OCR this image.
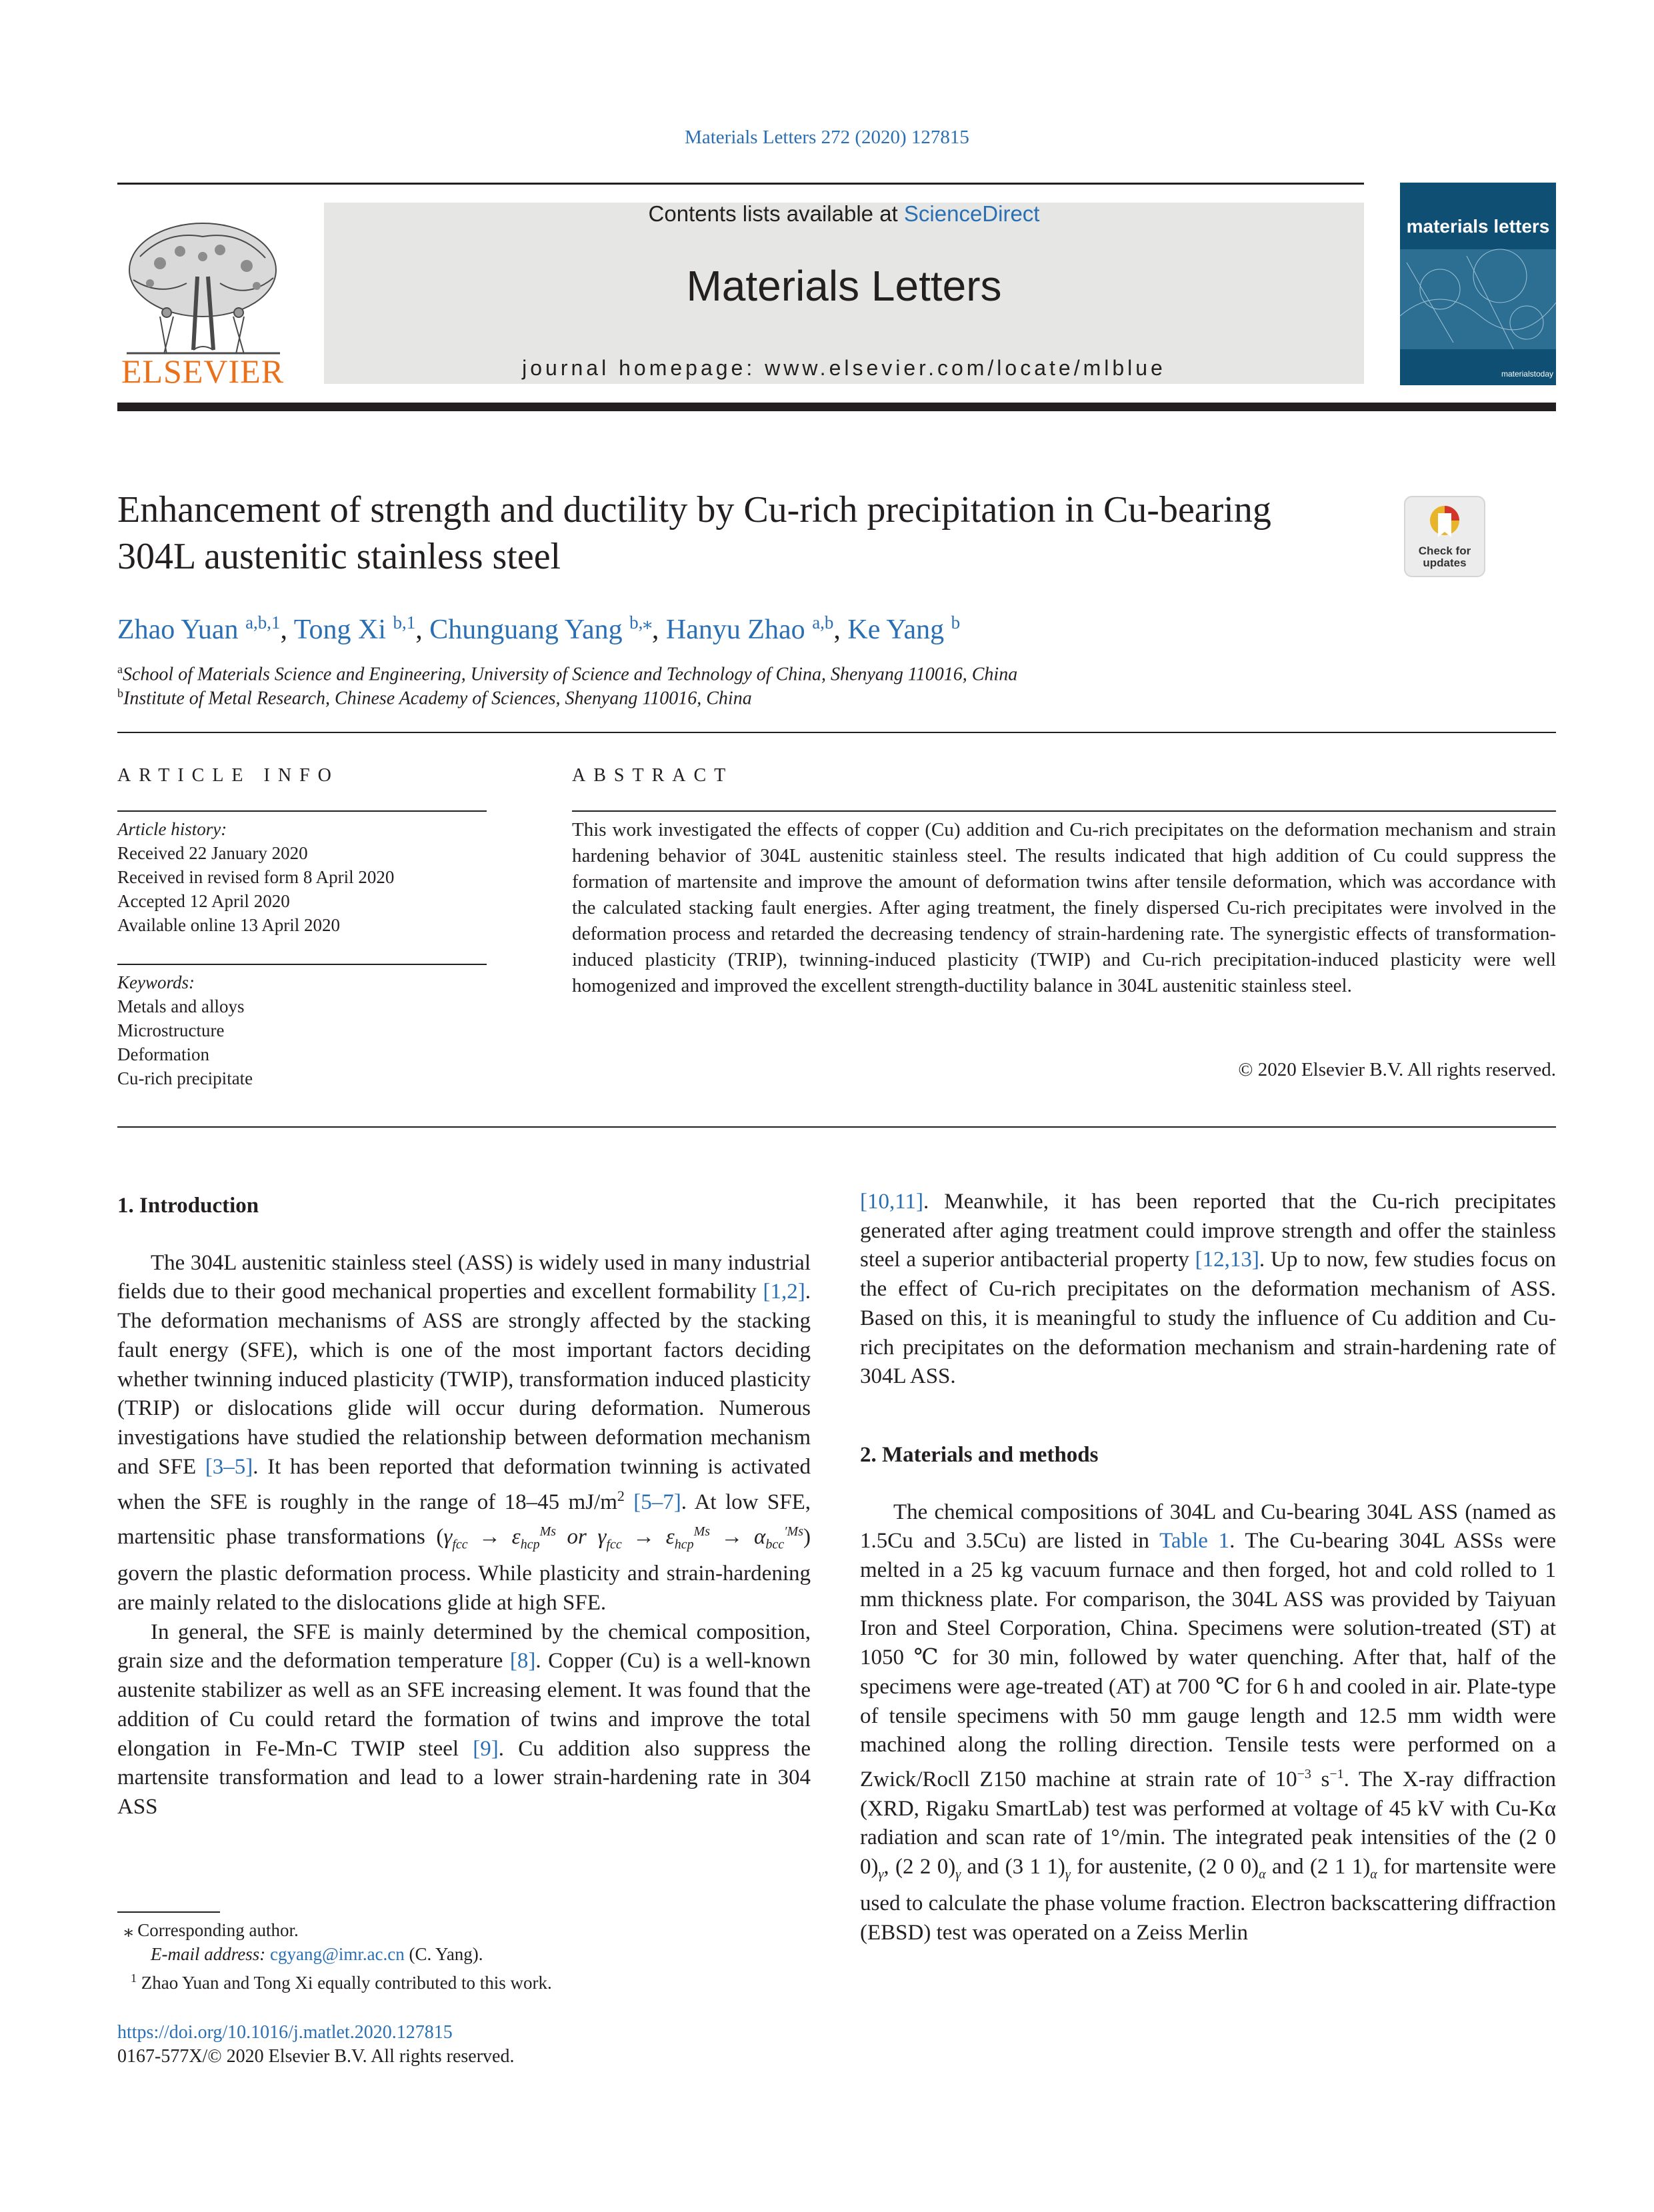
Materials Letters 272 (2020) 127815
ELSEVIER
Contents lists available at ScienceDirect
Materials Letters
journal homepage: www.elsevier.com/locate/mlblue
materials letters
materialstoday
Enhancement of strength and ductility by Cu-rich precipitation in Cu-bearing 304L austenitic stainless steel	Check for updates
Zhao Yuan $^{a,b,1}$, Tong Xi $^{b,1}$, Chunguang Yang $^{b,⁎}$, Hanyu Zhao $^{a,b}$, Ke Yang $^b$
$^a$School of Materials Science and Engineering, University of Science and Technology of China, Shenyang 110016, China
$^b$Institute of Metal Research, Chinese Academy of Sciences, Shenyang 110016, China
ARTICLE INFO
Article history:
Received 22 January 2020
Received in revised form 8 April 2020
Accepted 12 April 2020
Available online 13 April 2020
Keywords:
Metals and alloys
Microstructure
Deformation
Cu-rich precipitate
ABSTRACT
This work investigated the effects of copper (Cu) addition and Cu-rich precipitates on the deformation mechanism and strain hardening behavior of 304L austenitic stainless steel. The results indicated that high addition of Cu could suppress the formation of martensite and improve the amount of deformation twins after tensile deformation, which was accordance with the calculated stacking fault energies. After aging treatment, the finely dispersed Cu-rich precipitates were involved in the deformation process and retarded the decreasing tendency of strain-hardening rate. The synergistic effects of transformation-induced plasticity (TRIP), twinning-induced plasticity (TWIP) and Cu-rich precipitation-induced plasticity were well homogenized and improved the excellent strength-ductility balance in 304L austenitic stainless steel.
© 2020 Elsevier B.V. All rights reserved.

1. Introduction

The 304L austenitic stainless steel (ASS) is widely used in many industrial fields due to their good mechanical properties and excellent formability [1,2]. The deformation mechanisms of ASS are strongly affected by the stacking fault energy (SFE), which is one of the most important factors deciding whether twinning induced plasticity (TWIP), transformation induced plasticity (TRIP) or dislocations glide will occur during deformation. Numerous investigations have studied the relationship between deformation mechanism and SFE [3–5]. It has been reported that deformation twinning is activated when the SFE is roughly in the range of 18–45 $mJ/m^2$ [5–7]. At low SFE, martensitic phase transformations ($\gamma_{fcc} \to \varepsilon_{hcp}^{Ms}$ or $\gamma_{fcc} \to \varepsilon_{hcp}^{Ms} \to \alpha_{bcc}^{'Ms}$) govern the plastic deformation process. While plasticity and strain-hardening are mainly related to the dislocations glide at high SFE.

In general, the SFE is mainly determined by the chemical composition, grain size and the deformation temperature [8]. Copper (Cu) is a well-known austenite stabilizer as well as an SFE increasing element. It was found that the addition of Cu could retard the formation of twins and improve the total elongation in Fe-Mn-C TWIP steel [9]. Cu addition also suppress the martensite transformation and lead to a lower strain-hardening rate in 304 ASS

[10,11]. Meanwhile, it has been reported that the Cu-rich precipitates generated after aging treatment could improve strength and offer the stainless steel a superior antibacterial property [12,13]. Up to now, few studies focus on the effect of Cu-rich precipitates on the deformation mechanism of ASS. Based on this, it is meaningful to study the influence of Cu addition and Cu-rich precipitates on the deformation mechanism and strain-hardening rate of 304L ASS.

2. Materials and methods

The chemical compositions of 304L and Cu-bearing 304L ASS (named as 1.5Cu and 3.5Cu) are listed in Table 1. The Cu-bearing 304L ASSs were melted in a 25 kg vacuum furnace and then forged, hot and cold rolled to 1 mm thickness plate. For comparison, the 304L ASS was provided by Taiyuan Iron and Steel Corporation, China. Specimens were solution-treated (ST) at 1050 ℃ for 30 min, followed by water quenching. After that, half of the specimens were age-treated (AT) at 700 ℃ for 6 h and cooled in air. Plate-type of tensile specimens with 50 mm gauge length and 12.5 mm width were machined along the rolling direction. Tensile tests were performed on a Zwick/Rocll Z150 machine at strain rate of $10^{-3}$ $s^{-1}$. The X-ray diffraction (XRD, Rigaku SmartLab) test was performed at voltage of 45 kV with Cu-Kα radiation and scan rate of 1°/min. The integrated peak intensities of the (2 0 $0)_\gamma$, (2 2 $0)_\gamma$ and (3 1 $1)_\gamma$ for austenite, (2 0 $0)_\alpha$ and (2 1 $1)_\alpha$ for martensite were used to calculate the phase volume fraction. Electron backscattering diffraction (EBSD) test was operated on a Zeiss Merlin

⁎ Corresponding author.
E-mail address: cgyang@imr.ac.cn (C. Yang).
$^1$ Zhao Yuan and Tong Xi equally contributed to this work.
https://doi.org/10.1016/j.matlet.2020.127815
0167-577X/© 2020 Elsevier B.V. All rights reserved.
